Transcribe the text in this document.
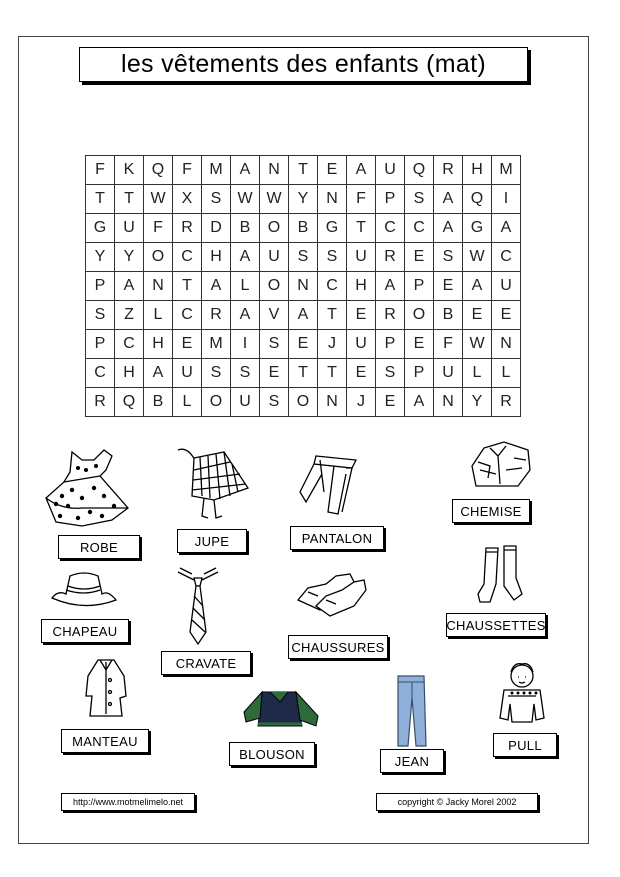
les vêtements des enfants (mat)
F	K	Q	F	M	A	N	T	E	A	U	Q	R	H	M
T	T	W	X	S	W	W	Y	N	F	P	S	A	Q	I
G	U	F	R	D	B	O	B	G	T	C	C	A	G	A
Y	Y	O	C	H	A	U	S	S	U	R	E	S	W	C
P	A	N	T	A	L	O	N	C	H	A	P	E	A	U
S	Z	L	C	R	A	V	A	T	E	R	O	B	E	E
P	C	H	E	M	I	S	E	J	U	P	E	F	W	N
C	H	A	U	S	S	E	T	T	E	S	P	U	L	L
R	Q	B	L	O	U	S	O	N	J	E	A	N	Y	R
ROBE	JUPE	PANTALON
CHEMISE
CHAPEAU
CRAVATE
CHAUSSURES
CHAUSSETTES
MANTEAU
BLOUSON	JEAN
PULL
http://www.motmelimelo.net	copyright © Jacky Morel 2002
